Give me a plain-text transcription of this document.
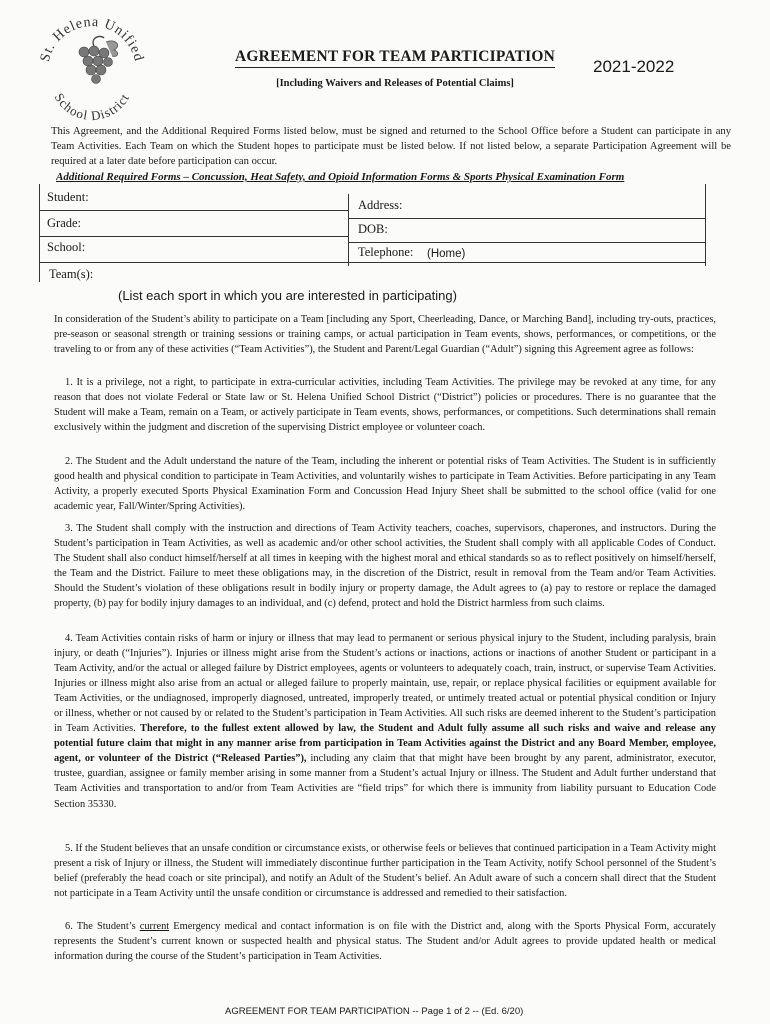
St. Helena Unified
School District
AGREEMENT FOR TEAM PARTICIPATION
[Including Waivers and Releases of Potential Claims]
2021-2022
This Agreement, and the Additional Required Forms listed below, must be signed and returned to the School Office before a Student can participate in any Team Activities. Each Team on which the Student hopes to participate must be listed below. If not listed below, a separate Participation Agreement will be required at a later date before participation can occur.
Additional Required Forms – Concussion, Heat Safety, and Opioid Information Forms & Sports Physical Examination Form
Student:
Address:
Grade:	DOB:
School:	Telephone: (Home)
Team(s):
(List each sport in which you are interested in participating)

In consideration of the Student’s ability to participate on a Team [including any Sport, Cheerleading, Dance, or Marching Band], including try-outs, practices, pre-season or seasonal strength or training sessions or training camps, or actual participation in Team events, shows, performances, or competitions, or the traveling to or from any of these activities (“Team Activities”), the Student and Parent/Legal Guardian (“Adult”) signing this Agreement agree as follows:

1. It is a privilege, not a right, to participate in extra-curricular activities, including Team Activities. The privilege may be revoked at any time, for any reason that does not violate Federal or State law or St. Helena Unified School District (“District”) policies or procedures. There is no guarantee that the Student will make a Team, remain on a Team, or actively participate in Team events, shows, performances, or competitions. Such determinations shall remain exclusively within the judgment and discretion of the supervising District employee or volunteer coach.

2. The Student and the Adult understand the nature of the Team, including the inherent or potential risks of Team Activities. The Student is in sufficiently good health and physical condition to participate in Team Activities, and voluntarily wishes to participate in Team Activities. Before participating in any Team Activity, a properly executed Sports Physical Examination Form and Concussion Head Injury Sheet shall be submitted to the school office (valid for one academic year, Fall/Winter/Spring Activities).

3. The Student shall comply with the instruction and directions of Team Activity teachers, coaches, supervisors, chaperones, and instructors. During the Student’s participation in Team Activities, as well as academic and/or other school activities, the Student shall comply with all applicable Codes of Conduct. The Student shall also conduct himself/herself at all times in keeping with the highest moral and ethical standards so as to reflect positively on himself/herself, the Team and the District. Failure to meet these obligations may, in the discretion of the District, result in removal from the Team and/or Team Activities. Should the Student’s violation of these obligations result in bodily injury or property damage, the Adult agrees to (a) pay to restore or replace the damaged property, (b) pay for bodily injury damages to an individual, and (c) defend, protect and hold the District harmless from such claims.

4. Team Activities contain risks of harm or injury or illness that may lead to permanent or serious physical injury to the Student, including paralysis, brain injury, or death (“Injuries”). Injuries or illness might arise from the Student’s actions or inactions, actions or inactions of another Student or participant in a Team Activity, and/or the actual or alleged failure by District employees, agents or volunteers to adequately coach, train, instruct, or supervise Team Activities. Injuries or illness might also arise from an actual or alleged failure to properly maintain, use, repair, or replace physical facilities or equipment available for Team Activities, or the undiagnosed, improperly diagnosed, untreated, improperly treated, or untimely treated actual or potential physical condition or Injury or illness, whether or not caused by or related to the Student’s participation in Team Activities. All such risks are deemed inherent to the Student’s participation in Team Activities. Therefore, to the fullest extent allowed by law, the Student and Adult fully assume all such risks and waive and release any potential future claim that might in any manner arise from participation in Team Activities against the District and any Board Member, employee, agent, or volunteer of the District (“Released Parties”), including any claim that that might have been brought by any parent, administrator, executor, trustee, guardian, assignee or family member arising in some manner from a Student’s actual Injury or illness. The Student and Adult further understand that Team Activities and transportation to and/or from Team Activities are “field trips” for which there is immunity from liability pursuant to Education Code Section 35330.

5. If the Student believes that an unsafe condition or circumstance exists, or otherwise feels or believes that continued participation in a Team Activity might present a risk of Injury or illness, the Student will immediately discontinue further participation in the Team Activity, notify School personnel of the Student’s belief (preferably the head coach or site principal), and notify an Adult of the Student’s belief. An Adult aware of such a concern shall direct that the Student not participate in a Team Activity until the unsafe condition or circumstance is addressed and remedied to their satisfaction.

6. The Student’s current Emergency medical and contact information is on file with the District and, along with the Sports Physical Form, accurately represents the Student’s current known or suspected health and physical status. The Student and/or Adult agrees to provide updated health or medical information during the course of the Student’s participation in Team Activities.

AGREEMENT FOR TEAM PARTICIPATION -- Page 1 of 2 -- (Ed. 6/20)
